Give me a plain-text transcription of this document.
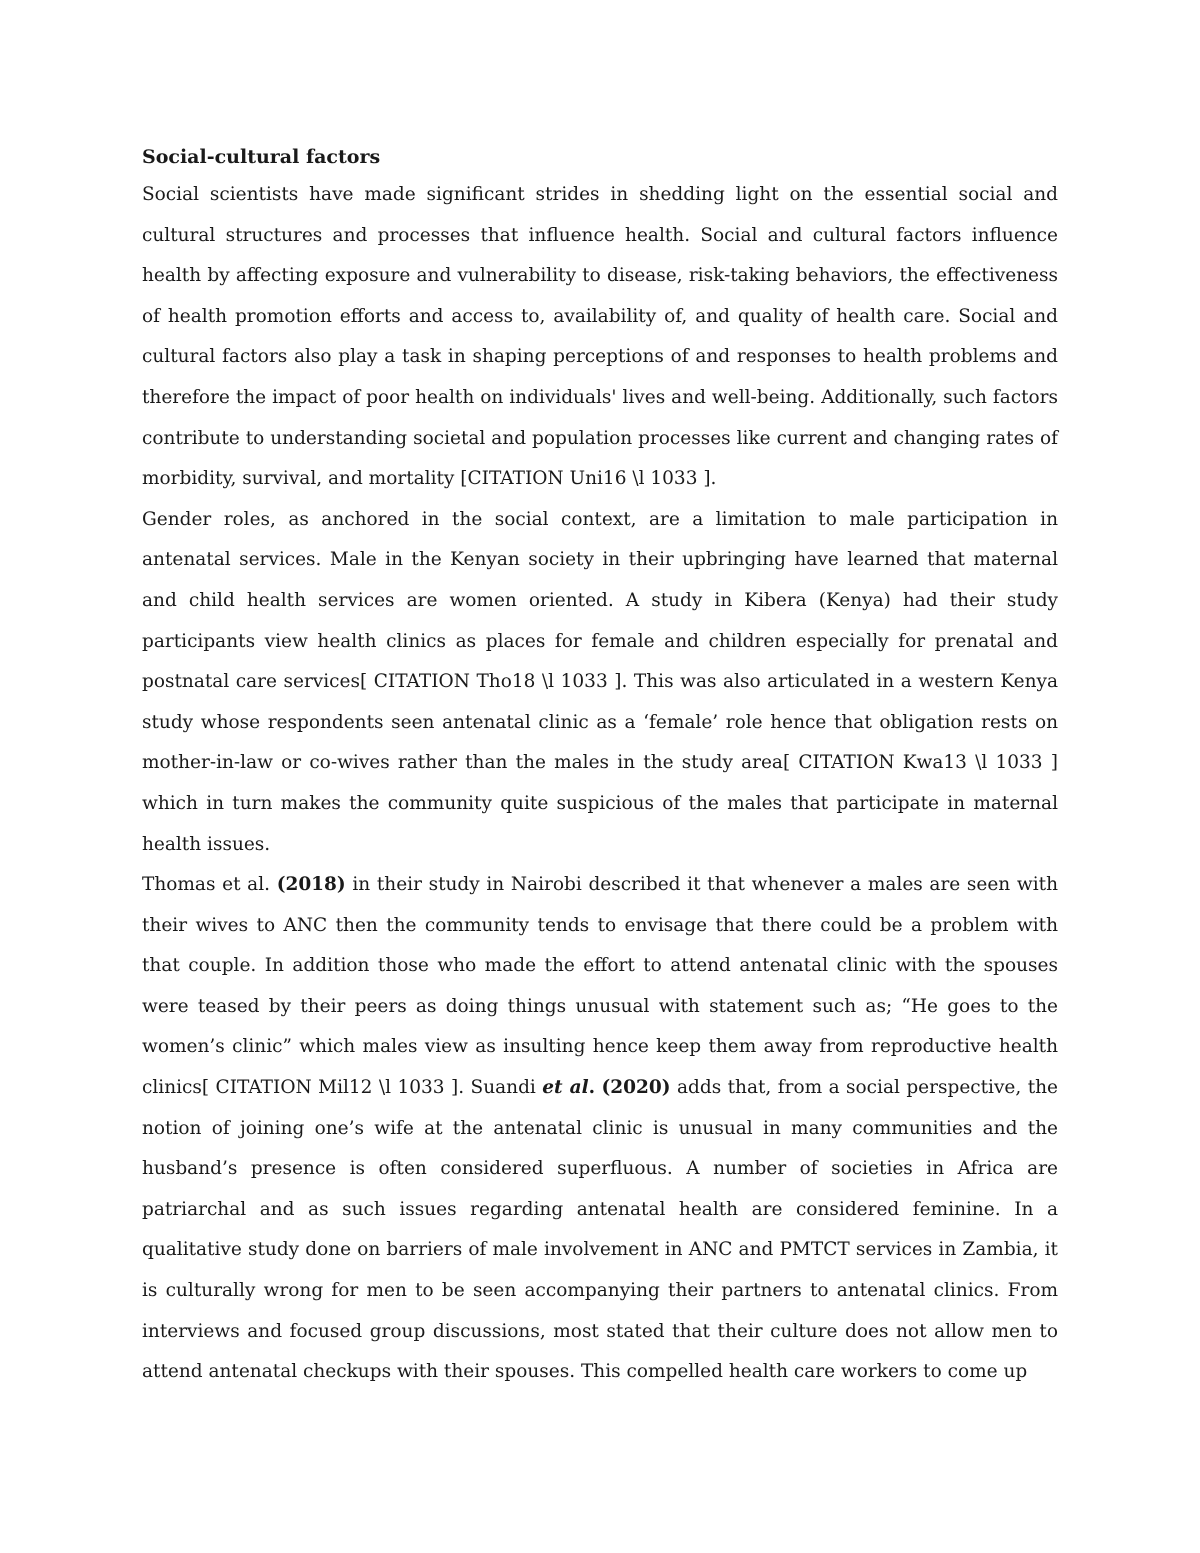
Social-cultural factors

Social scientists have made significant strides in shedding light on the essential social and cultural structures and processes that influence health. Social and cultural factors influence health by affecting exposure and vulnerability to disease, risk-taking behaviors, the effectiveness of health promotion efforts and access to, availability of, and quality of health care. Social and cultural factors also play a task in shaping perceptions of and responses to health problems and therefore the impact of poor health on individuals' lives and well-being. Additionally, such factors contribute to understanding societal and population processes like current and changing rates of morbidity, survival, and mortality [CITATION Uni16 \l 1033 ].

Gender roles, as anchored in the social context, are a limitation to male participation in antenatal services. Male in the Kenyan society in their upbringing have learned that maternal and child health services are women oriented. A study in Kibera (Kenya) had their study participants view health clinics as places for female and children especially for prenatal and postnatal care services[ CITATION Tho18 \l 1033 ]. This was also articulated in a western Kenya study whose respondents seen antenatal clinic as a ‘female’ role hence that obligation rests on mother-in-law or co-wives rather than the males in the study area[ CITATION Kwa13 \l 1033 ] which in turn makes the community quite suspicious of the males that participate in maternal health issues.

Thomas et al. (2018) in their study in Nairobi described it that whenever a males are seen with their wives to ANC then the community tends to envisage that there could be a problem with that couple. In addition those who made the effort to attend antenatal clinic with the spouses were teased by their peers as doing things unusual with statement such as; “He goes to the women’s clinic” which males view as insulting hence keep them away from reproductive health clinics[ CITATION Mil12 \l 1033 ]. Suandi et al. (2020) adds that, from a social perspective, the notion of joining one’s wife at the antenatal clinic is unusual in many communities and the husband’s presence is often considered superfluous. A number of societies in Africa are patriarchal and as such issues regarding antenatal health are considered feminine. In a qualitative study done on barriers of male involvement in ANC and PMTCT services in Zambia, it is culturally wrong for men to be seen accompanying their partners to antenatal clinics. From interviews and focused group discussions, most stated that their culture does not allow men to attend antenatal checkups with their spouses. This compelled health care workers to come up
